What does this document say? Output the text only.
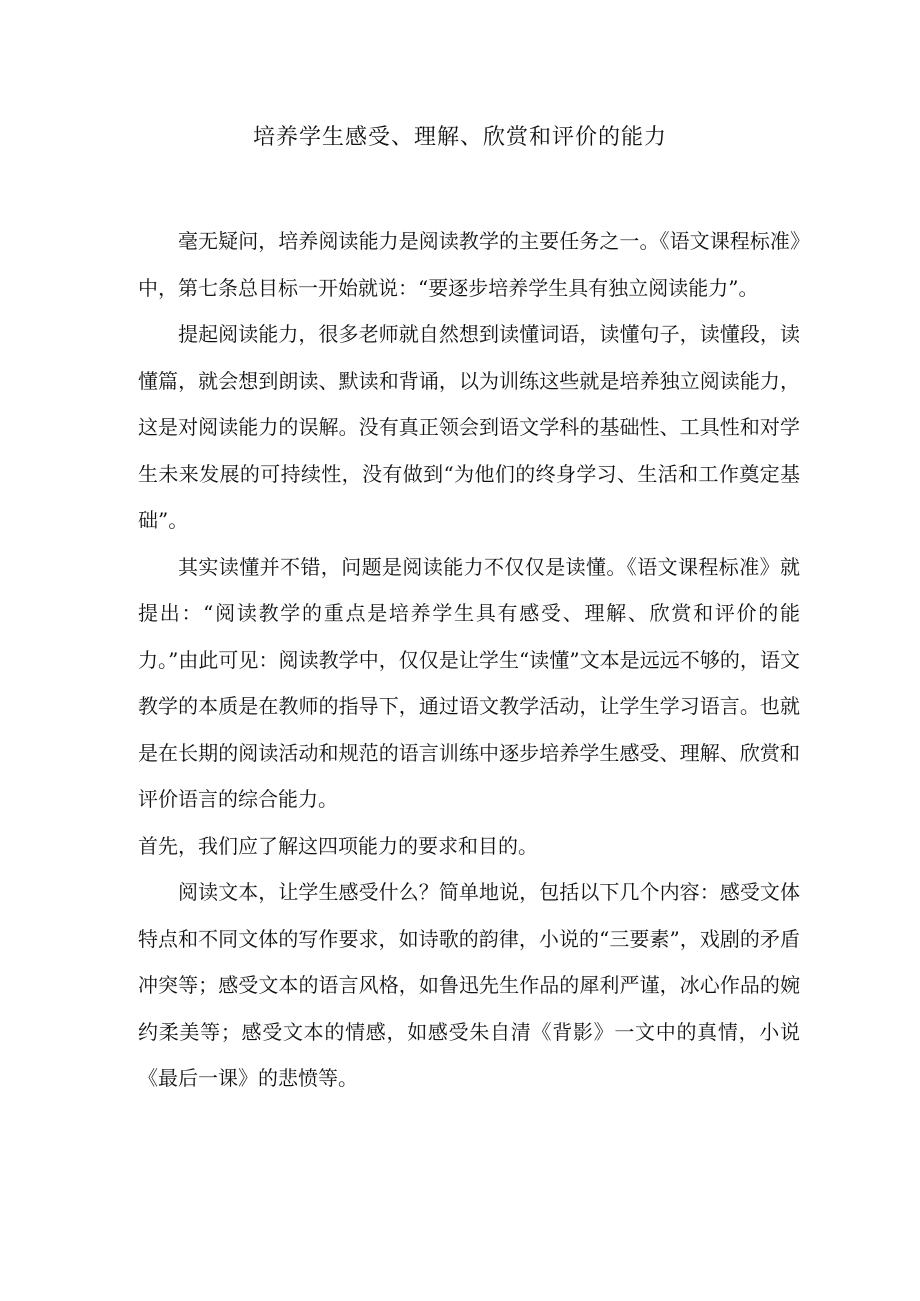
培养学生感受、理解、欣赏和评价的能力

毫无疑问，培养阅读能力是阅读教学的主要任务之一。《语文课程标准》中，第七条总目标一开始就说：“要逐步培养学生具有独立阅读能力”。

提起阅读能力，很多老师就自然想到读懂词语，读懂句子，读懂段，读懂篇，就会想到朗读、默读和背诵，以为训练这些就是培养独立阅读能力，这是对阅读能力的误解。没有真正领会到语文学科的基础性、工具性和对学生未来发展的可持续性，没有做到“为他们的终身学习、生活和工作奠定基础”。

其实读懂并不错，问题是阅读能力不仅仅是读懂。《语文课程标准》就提出：“阅读教学的重点是培养学生具有感受、理解、欣赏和评价的能力。”由此可见：阅读教学中，仅仅是让学生“读懂”文本是远远不够的，语文教学的本质是在教师的指导下，通过语文教学活动，让学生学习语言。也就是在长期的阅读活动和规范的语言训练中逐步培养学生感受、理解、欣赏和评价语言的综合能力。

首先，我们应了解这四项能力的要求和目的。

阅读文本，让学生感受什么？简单地说，包括以下几个内容：感受文体特点和不同文体的写作要求，如诗歌的韵律，小说的“三要素”，戏剧的矛盾冲突等；感受文本的语言风格，如鲁迅先生作品的犀利严谨，冰心作品的婉约柔美等；感受文本的情感，如感受朱自清《背影》一文中的真情，小说《最后一课》的悲愤等。
